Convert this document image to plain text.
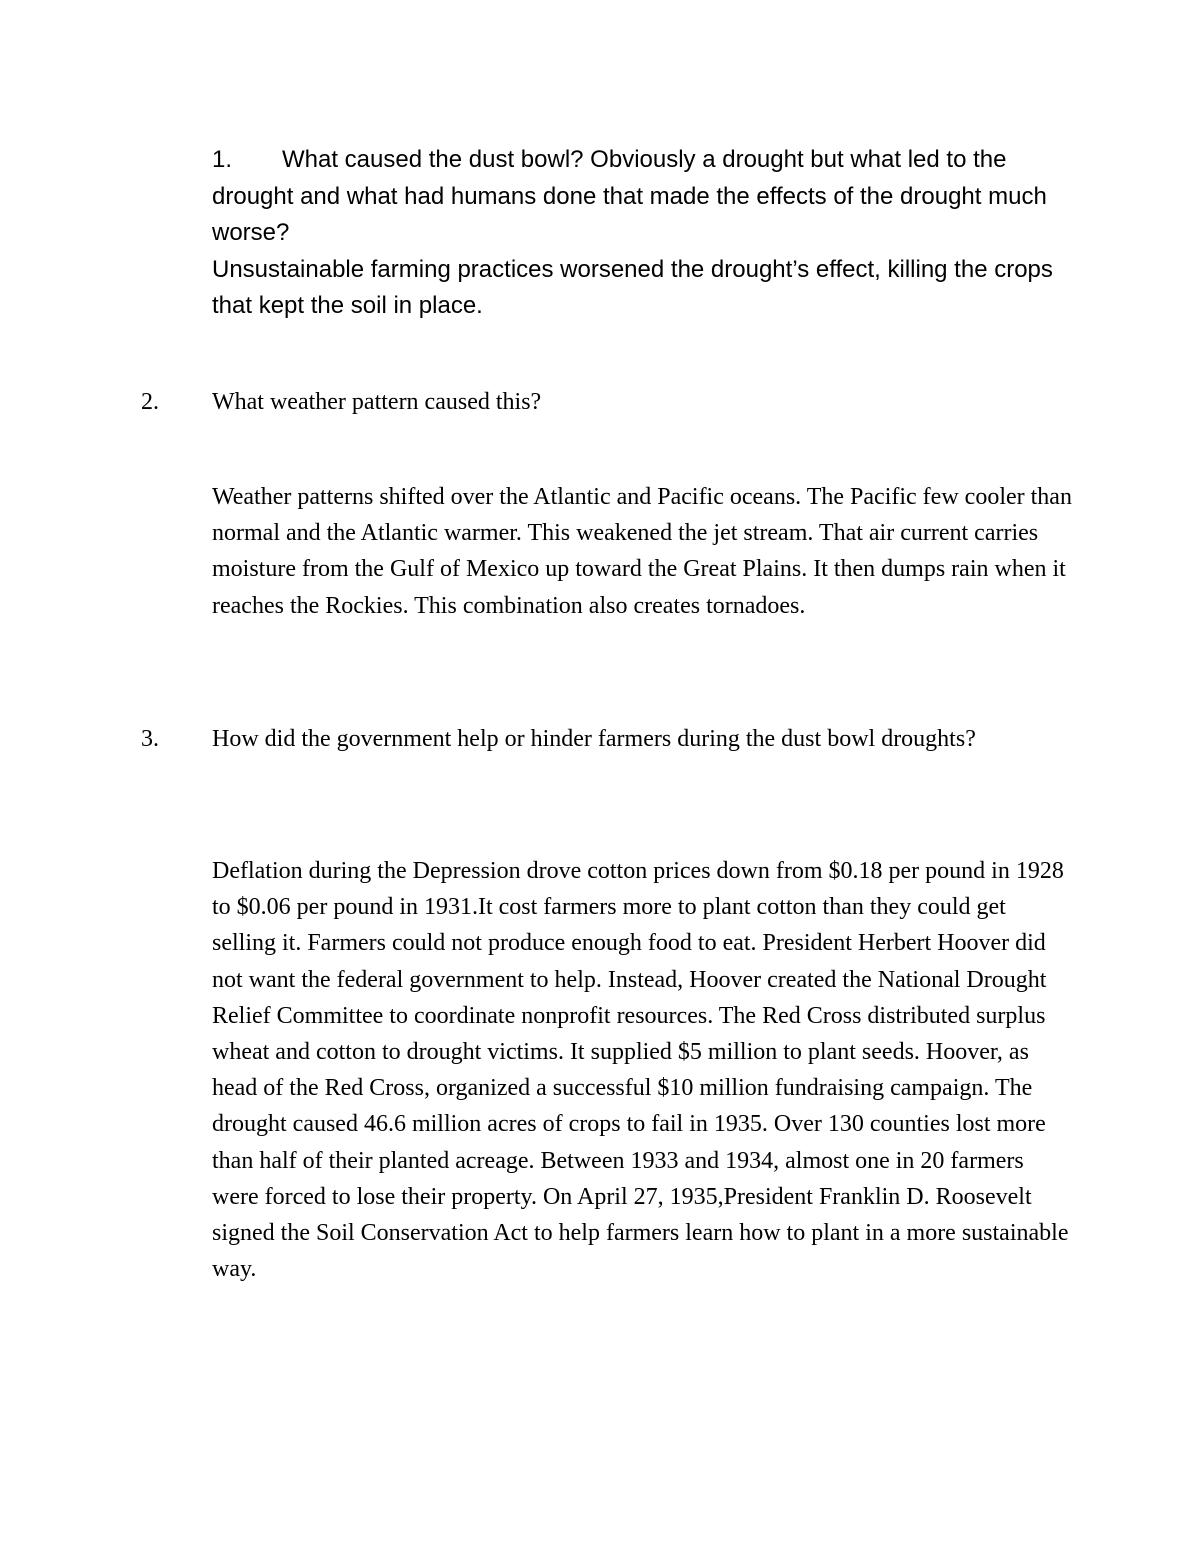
1. What caused the dust bowl? Obviously a drought but what led to the drought and what had humans done that made the effects of the drought much worse?

Unsustainable farming practices worsened the drought’s effect, killing the crops that kept the soil in place.

2. What weather pattern caused this?

Weather patterns shifted over the Atlantic and Pacific oceans. The Pacific few cooler than normal and the Atlantic warmer. This weakened the jet stream. That air current carries moisture from the Gulf of Mexico up toward the Great Plains. It then dumps rain when it reaches the Rockies. This combination also creates tornadoes.

3. How did the government help or hinder farmers during the dust bowl droughts?

Deflation during the Depression drove cotton prices down from $0.18 per pound in 1928 to $0.06 per pound in 1931.It cost farmers more to plant cotton than they could get selling it. Farmers could not produce enough food to eat. President Herbert Hoover did not want the federal government to help. Instead, Hoover created the National Drought Relief Committee to coordinate nonprofit resources. The Red Cross distributed surplus wheat and cotton to drought victims. It supplied $5 million to plant seeds. Hoover, as head of the Red Cross, organized a successful $10 million fundraising campaign. The drought caused 46.6 million acres of crops to fail in 1935. Over 130 counties lost more than half of their planted acreage. Between 1933 and 1934, almost one in 20 farmers were forced to lose their property. On April 27, 1935,President Franklin D. Roosevelt signed the Soil Conservation Act to help farmers learn how to plant in a more sustainable way.
